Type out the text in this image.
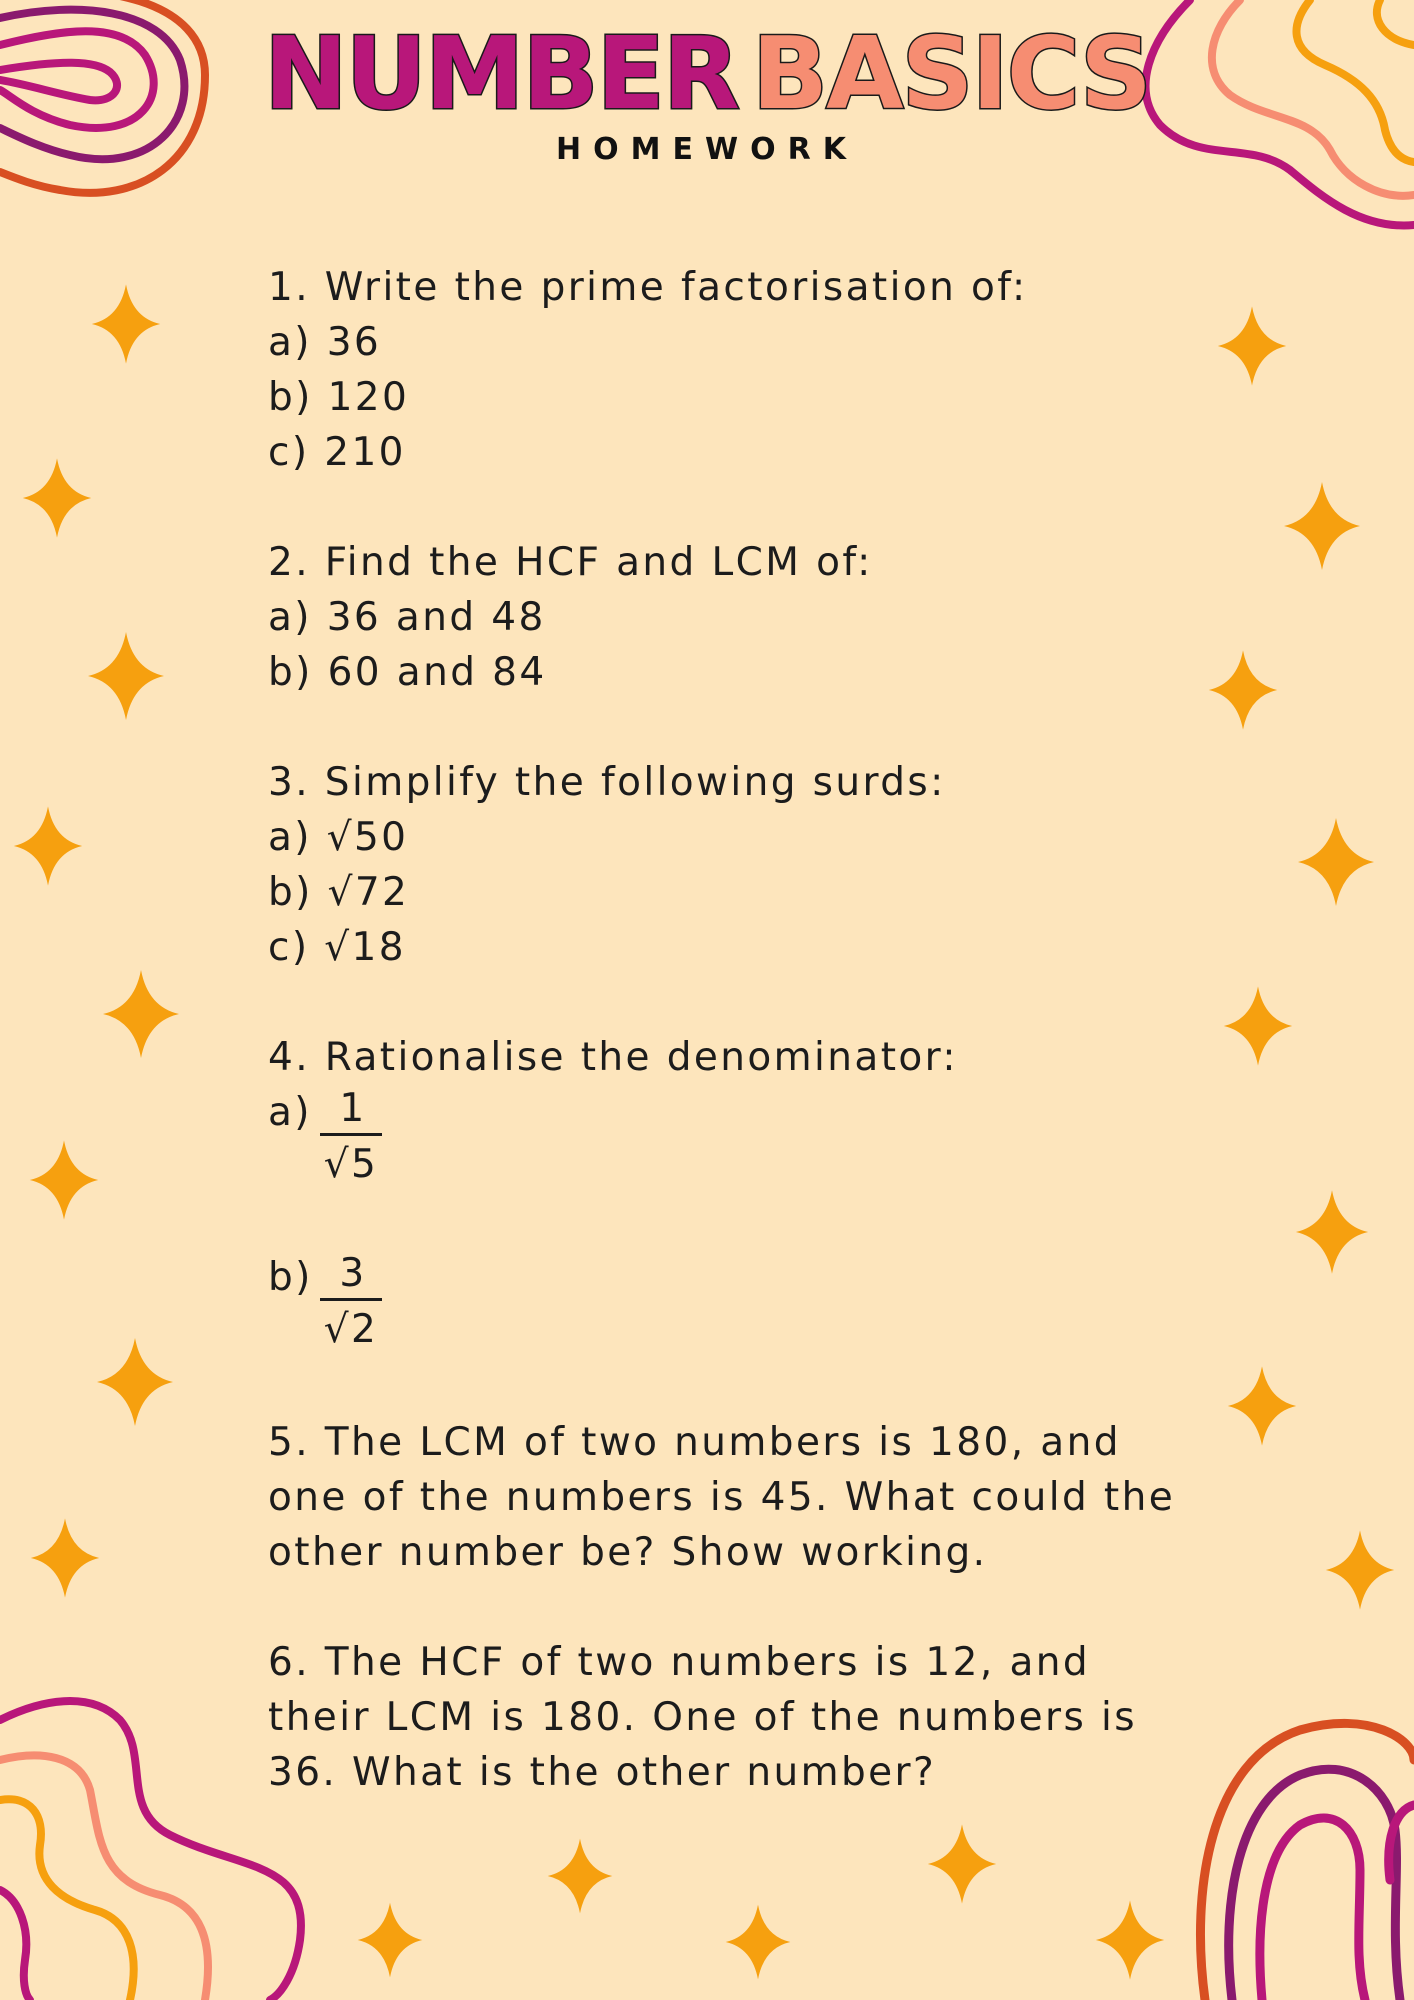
NUMBER BASICS
HOMEWORK
1. Write the prime factorisation of:
a) 36
b) 120
c) 210
2. Find the HCF and LCM of:
a) 36 and 48
b) 60 and 84
3. Simplify the following surds:
a) √50
b) √72
c) √18
4. Rationalise the denominator:
$a) \frac{1}{√5}$
$b) \frac{3}{√2}$
5. The LCM of two numbers is 180, and
one of the numbers is 45. What could the
other number be? Show working.
6. The HCF of two numbers is 12, and
their LCM is 180. One of the numbers is
36. What is the other number?
